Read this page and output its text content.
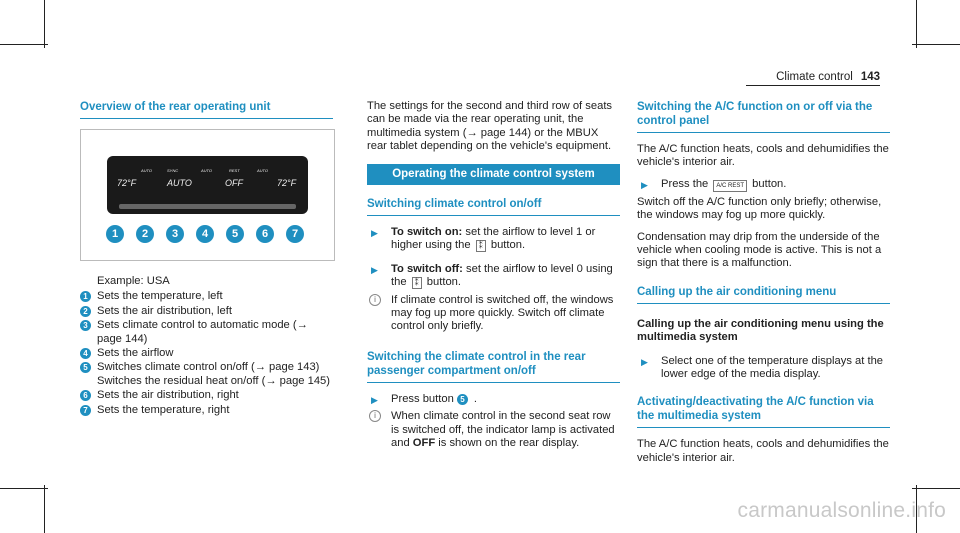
Climate control 143
Overview of the rear operating unit
72°F
AUTO	SYNC
AUTO
AUTO	REST
OFF
AUTO
72°F
1	2	3	4	5	6	7
Example: USA
1 Sets the temperature, left
2 Sets the air distribution, left
3 Sets climate control to automatic mode (→ page 144)
4 Sets the airflow
5 Switches climate control on/off (→ page 143) Switches the residual heat on/off (→ page 145)
6 Sets the air distribution, right
7 Sets the temperature, right

The settings for the second and third row of seats can be made via the rear operating unit, the multimedia system (→ page 144) or the MBUX rear tablet depending on the vehicle's equipment.

Operating the climate control system
Switching climate control on/off
▶ To switch on: set the airflow to level 1 or higher using the ⁑ button.
▶ To switch off: set the airflow to level 0 using the ⁑ button.
i	If climate control is switched off, the windows may fog up more quickly. Switch off climate control only briefly.
Switching the climate control in the rear passenger compartment on/off
▶ Press button 5 .
i	When climate control in the second seat row is switched off, the indicator lamp is activated and OFF is shown on the rear display.
Switching the A/C function on or off via the control panel

The A/C function heats, cools and dehumidifies the vehicle's interior air.

▶ Press the A/C REST button.

Switch off the A/C function only briefly; otherwise, the windows may fog up more quickly.

Condensation may drip from the underside of the vehicle when cooling mode is active. This is not a sign that there is a malfunction.

Calling up the air conditioning menu
Calling up the air conditioning menu using the multimedia system
▶ Select one of the temperature displays at the lower edge of the media display.
Activating/deactivating the A/C function via the multimedia system

The A/C function heats, cools and dehumidifies the vehicle's interior air.

carmanualsonline.info
